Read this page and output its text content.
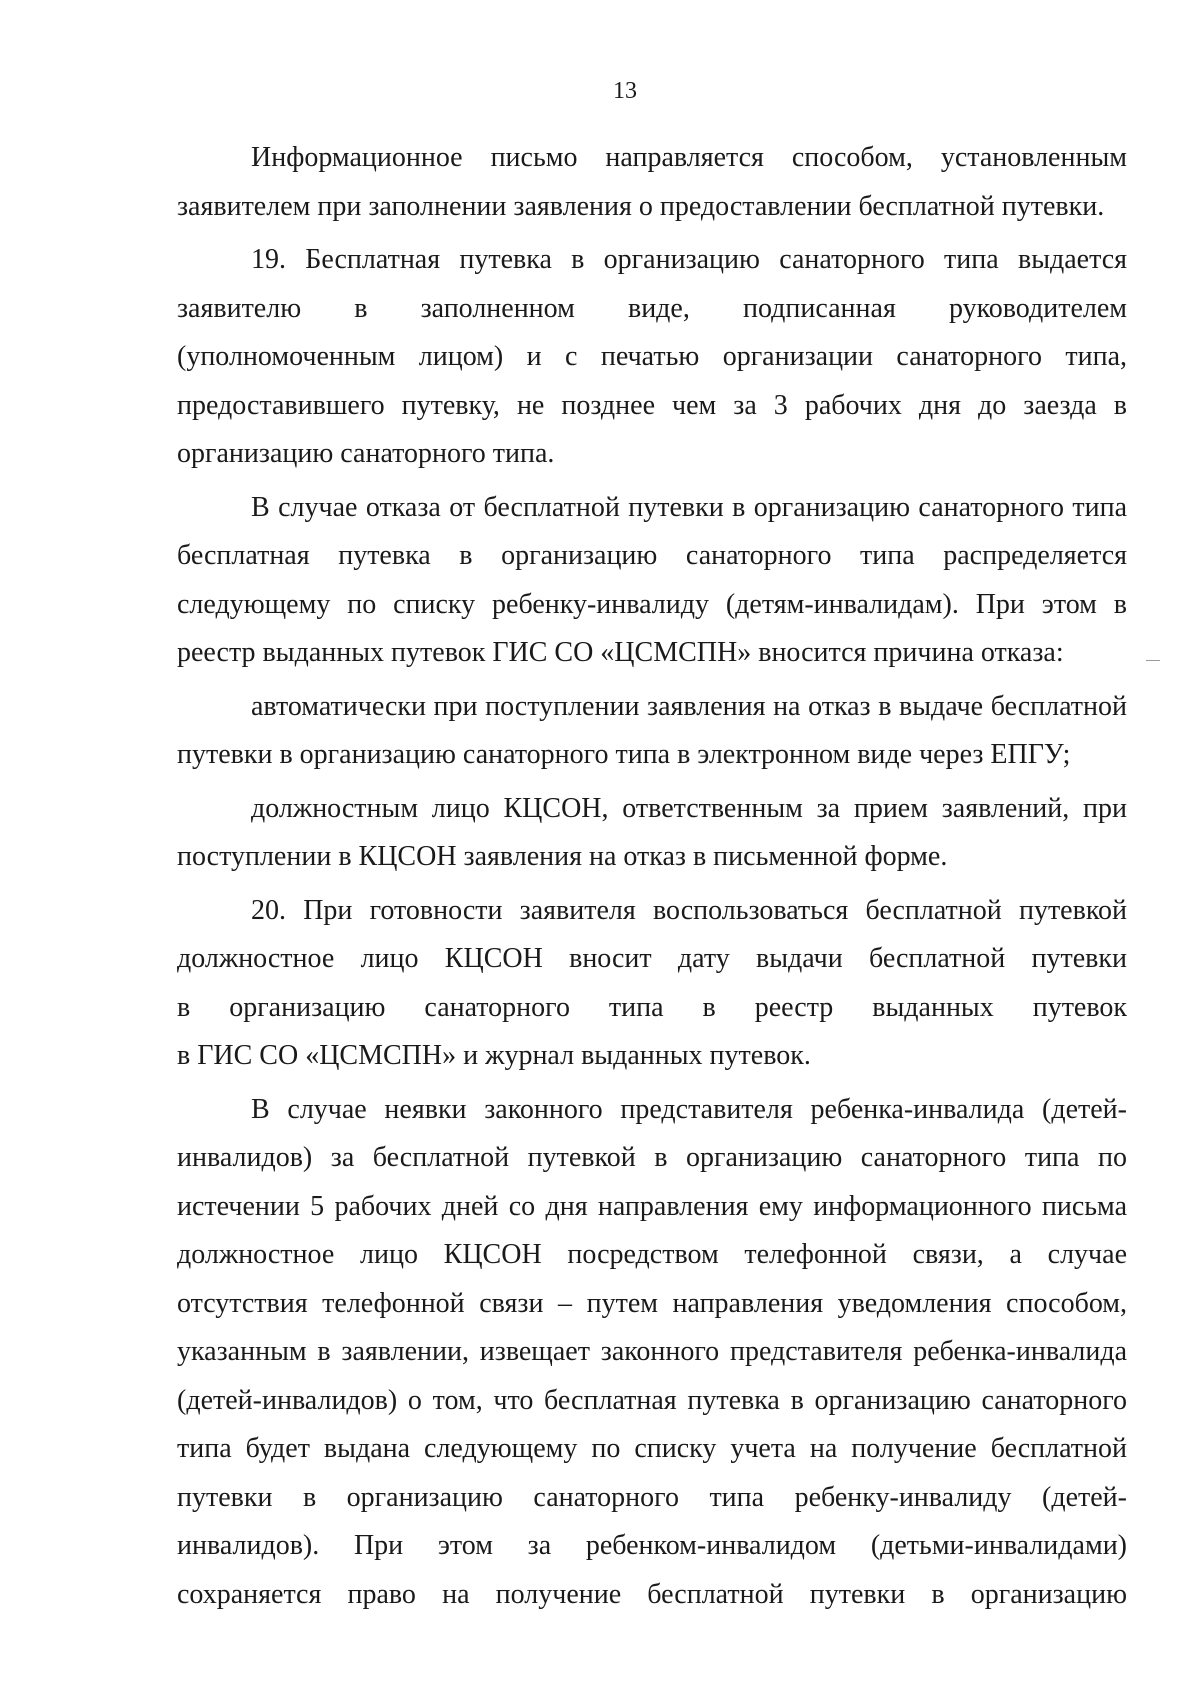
13
Информационное письмо направляется способом, установленным
заявителем при заполнении заявления о предоставлении бесплатной путевки.
19. Бесплатная путевка в организацию санаторного типа выдается
заявителю в заполненном виде, подписанная руководителем
(уполномоченным лицом) и с печатью организации санаторного типа,
предоставившего путевку, не позднее чем за 3 рабочих дня до заезда в
организацию санаторного типа.
В случае отказа от бесплатной путевки в организацию санаторного типа
бесплатная путевка в организацию санаторного типа распределяется
следующему по списку ребенку-инвалиду (детям-инвалидам). При этом в
реестр выданных путевок ГИС СО «ЦСМСПН» вносится причина отказа:
автоматически при поступлении заявления на отказ в выдаче бесплатной
путевки в организацию санаторного типа в электронном виде через ЕПГУ;
должностным лицо КЦСОН, ответственным за прием заявлений, при
поступлении в КЦСОН заявления на отказ в письменной форме.
20. При готовности заявителя воспользоваться бесплатной путевкой
должностное лицо КЦСОН вносит дату выдачи бесплатной путевки
в организацию санаторного типа в реестр выданных путевок
в ГИС СО «ЦСМСПН» и журнал выданных путевок.
В случае неявки законного представителя ребенка-инвалида (детей-
инвалидов) за бесплатной путевкой в организацию санаторного типа по
истечении 5 рабочих дней со дня направления ему информационного письма
должностное лицо КЦСОН посредством телефонной связи, а случае
отсутствия телефонной связи – путем направления уведомления способом,
указанным в заявлении, извещает законного представителя ребенка-инвалида
(детей-инвалидов) о том, что бесплатная путевка в организацию санаторного
типа будет выдана следующему по списку учета на получение бесплатной
путевки в организацию санаторного типа ребенку-инвалиду (детей-
инвалидов). При этом за ребенком-инвалидом (детьми-инвалидами)
сохраняется право на получение бесплатной путевки в организацию
